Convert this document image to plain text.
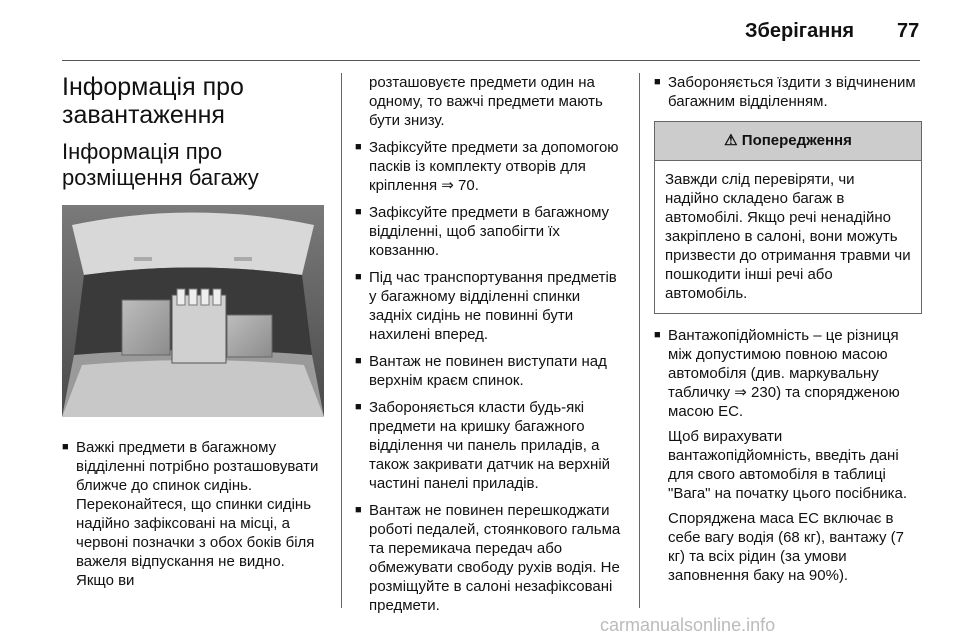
Зберігання 77
Інформація про завантаження
Інформація про розміщення багажу
■ Важкі предмети в багажному відділенні потрібно розташовувати ближче до спинок сидінь. Переконайтеся, що спинки сидінь надійно зафіксовані на місці, а червоні позначки з обох боків біля важеля відпускання не видно. Якщо ви

розташовуєте предмети один на одному, то важчі предмети мають бути знизу.

■ Зафіксуйте предмети за допомогою пасків із комплекту отворів для кріплення ⇒ 70.
■ Зафіксуйте предмети в багажному відділенні, щоб запобігти їх ковзанню.
■ Під час транспортування предметів у багажному відділенні спинки задніх сидінь не повинні бути нахилені вперед.
■ Вантаж не повинен виступати над верхнім краєм спинок.
■ Забороняється класти будь-які предмети на кришку багажного відділення чи панель приладів, а також закривати датчик на верхній частині панелі приладів.
■ Вантаж не повинен перешкоджати роботі педалей, стоянкового гальма та перемикача передач або обмежувати свободу рухів водія. Не розміщуйте в салоні незафіксовані предмети.
■ Забороняється їздити з відчиненим багажним відділенням.
⚠ Попередження
Завжди слід перевіряти, чи надійно складено багаж в автомобілі. Якщо речі ненадійно закріплено в салоні, вони можуть призвести до отримання травми чи пошкодити інші речі або автомобіль.
■ Вантажопідйомність – це різниця між допустимою повною масою автомобіля (див. маркувальну табличку ⇒ 230) та спорядженою масою ЕС.

Щоб вирахувати вантажопідйомність, введіть дані для свого автомобіля в таблиці "Вага" на початку цього посібника.

Споряджена маса ЕС включає в себе вагу водія (68 кг), вантажу (7 кг) та всіх рідин (за умови заповнення баку на 90%).

carmanualsonline.info
